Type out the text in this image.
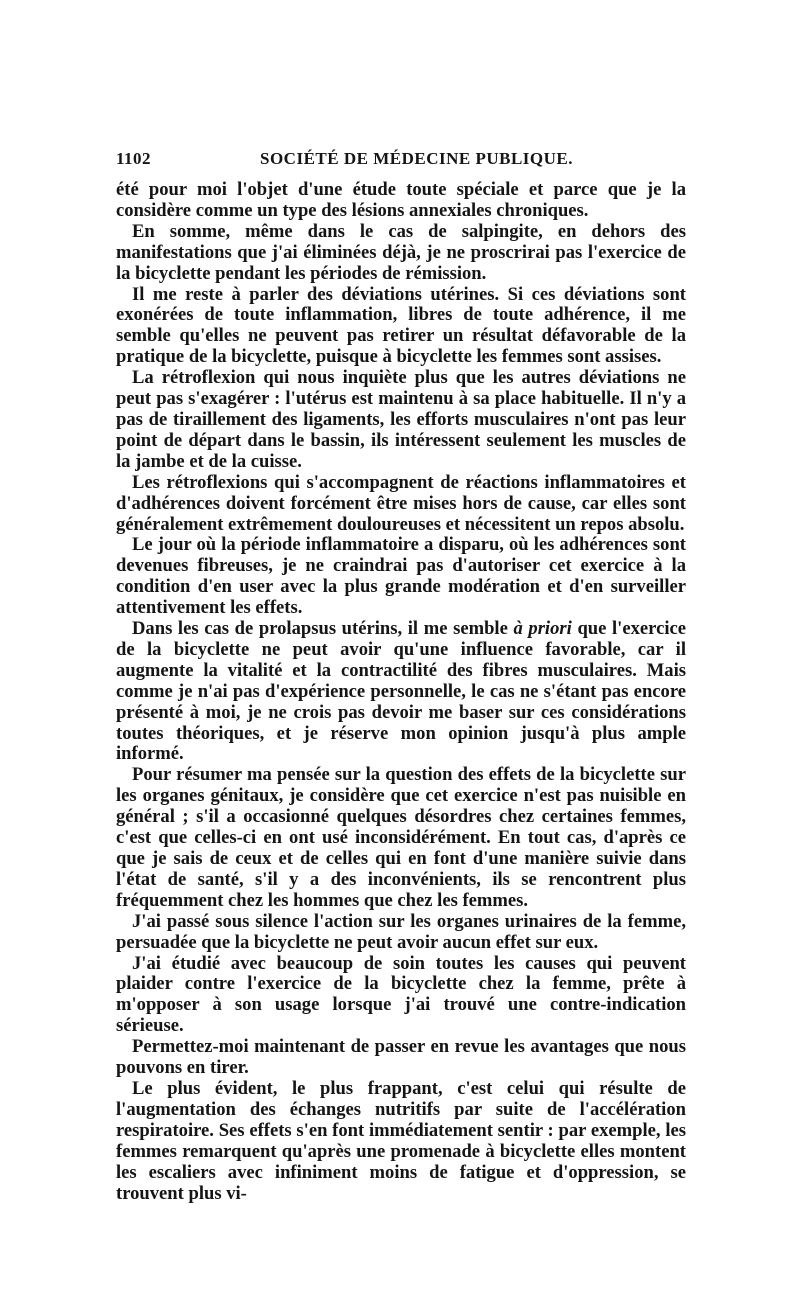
1102	SOCIÉTÉ DE MÉDECINE PUBLIQUE.

été pour moi l'objet d'une étude toute spéciale et parce que je la considère comme un type des lésions annexiales chroniques.

En somme, même dans le cas de salpingite, en dehors des manifestations que j'ai éliminées déjà, je ne proscrirai pas l'exercice de la bicyclette pendant les périodes de rémission.

Il me reste à parler des déviations utérines. Si ces déviations sont exonérées de toute inflammation, libres de toute adhérence, il me semble qu'elles ne peuvent pas retirer un résultat défavorable de la pratique de la bicyclette, puisque à bicyclette les femmes sont assises.

La rétroflexion qui nous inquiète plus que les autres déviations ne peut pas s'exagérer : l'utérus est maintenu à sa place habituelle. Il n'y a pas de tiraillement des ligaments, les efforts musculaires n'ont pas leur point de départ dans le bassin, ils intéressent seulement les muscles de la jambe et de la cuisse.

Les rétroflexions qui s'accompagnent de réactions inflammatoires et d'adhérences doivent forcément être mises hors de cause, car elles sont généralement extrêmement douloureuses et nécessitent un repos absolu.

Le jour où la période inflammatoire a disparu, où les adhérences sont devenues fibreuses, je ne craindrai pas d'autoriser cet exercice à la condition d'en user avec la plus grande modération et d'en surveiller attentivement les effets.

Dans les cas de prolapsus utérins, il me semble à priori que l'exercice de la bicyclette ne peut avoir qu'une influence favorable, car il augmente la vitalité et la contractilité des fibres musculaires. Mais comme je n'ai pas d'expérience personnelle, le cas ne s'étant pas encore présenté à moi, je ne crois pas devoir me baser sur ces considérations toutes théoriques, et je réserve mon opinion jusqu'à plus ample informé.

Pour résumer ma pensée sur la question des effets de la bicyclette sur les organes génitaux, je considère que cet exercice n'est pas nuisible en général ; s'il a occasionné quelques désordres chez certaines femmes, c'est que celles-ci en ont usé inconsidérément. En tout cas, d'après ce que je sais de ceux et de celles qui en font d'une manière suivie dans l'état de santé, s'il y a des inconvénients, ils se rencontrent plus fréquemment chez les hommes que chez les femmes.

J'ai passé sous silence l'action sur les organes urinaires de la femme, persuadée que la bicyclette ne peut avoir aucun effet sur eux.

J'ai étudié avec beaucoup de soin toutes les causes qui peuvent plaider contre l'exercice de la bicyclette chez la femme, prête à m'opposer à son usage lorsque j'ai trouvé une contre-indication sérieuse.

Permettez-moi maintenant de passer en revue les avantages que nous pouvons en tirer.

Le plus évident, le plus frappant, c'est celui qui résulte de l'augmentation des échanges nutritifs par suite de l'accélération respiratoire. Ses effets s'en font immédiatement sentir : par exemple, les femmes remarquent qu'après une promenade à bicyclette elles montent les escaliers avec infiniment moins de fatigue et d'oppression, se trouvent plus vi-
